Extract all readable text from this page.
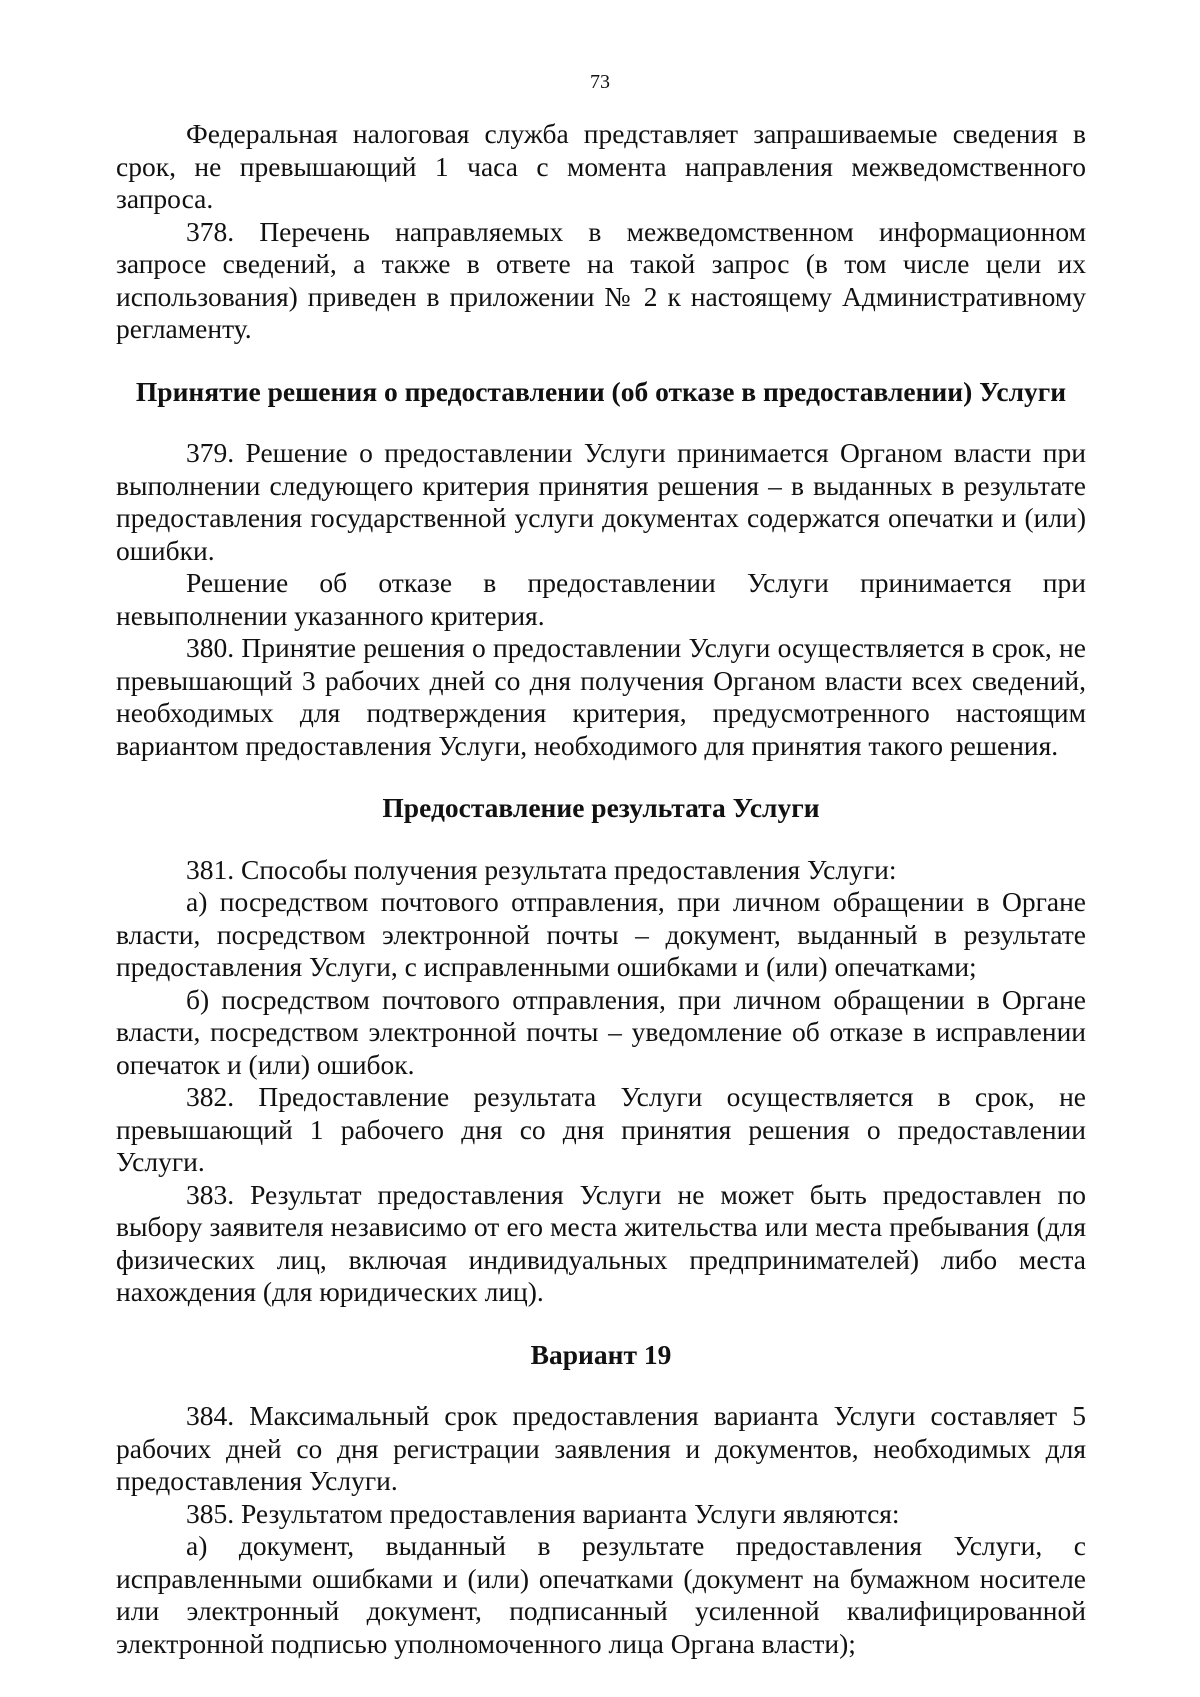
73

Федеральная налоговая служба представляет запрашиваемые сведения в срок, не превышающий 1 часа с момента направления межведомственного запроса.

378. Перечень направляемых в межведомственном информационном запросе сведений, а также в ответе на такой запрос (в том числе цели их использования) приведен в приложении № 2 к настоящему Административному регламенту.

Принятие решения о предоставлении (об отказе в предоставлении) Услуги

379. Решение о предоставлении Услуги принимается Органом власти при выполнении следующего критерия принятия решения – в выданных в результате предоставления государственной услуги документах содержатся опечатки и (или) ошибки.

Решение об отказе в предоставлении Услуги принимается при невыполнении указанного критерия.

380. Принятие решения о предоставлении Услуги осуществляется в срок, не превышающий 3 рабочих дней со дня получения Органом власти всех сведений, необходимых для подтверждения критерия, предусмотренного настоящим вариантом предоставления Услуги, необходимого для принятия такого решения.

Предоставление результата Услуги

381. Способы получения результата предоставления Услуги:

а) посредством почтового отправления, при личном обращении в Органе власти, посредством электронной почты – документ, выданный в результате предоставления Услуги, с исправленными ошибками и (или) опечатками;

б) посредством почтового отправления, при личном обращении в Органе власти, посредством электронной почты – уведомление об отказе в исправлении опечаток и (или) ошибок.

382. Предоставление результата Услуги осуществляется в срок, не превышающий 1 рабочего дня со дня принятия решения о предоставлении Услуги.

383. Результат предоставления Услуги не может быть предоставлен по выбору заявителя независимо от его места жительства или места пребывания (для физических лиц, включая индивидуальных предпринимателей) либо места нахождения (для юридических лиц).

Вариант 19

384. Максимальный срок предоставления варианта Услуги составляет 5 рабочих дней со дня регистрации заявления и документов, необходимых для предоставления Услуги.

385. Результатом предоставления варианта Услуги являются:

а) документ, выданный в результате предоставления Услуги, с исправленными ошибками и (или) опечатками (документ на бумажном носителе или электронный документ, подписанный усиленной квалифицированной электронной подписью уполномоченного лица Органа власти);
